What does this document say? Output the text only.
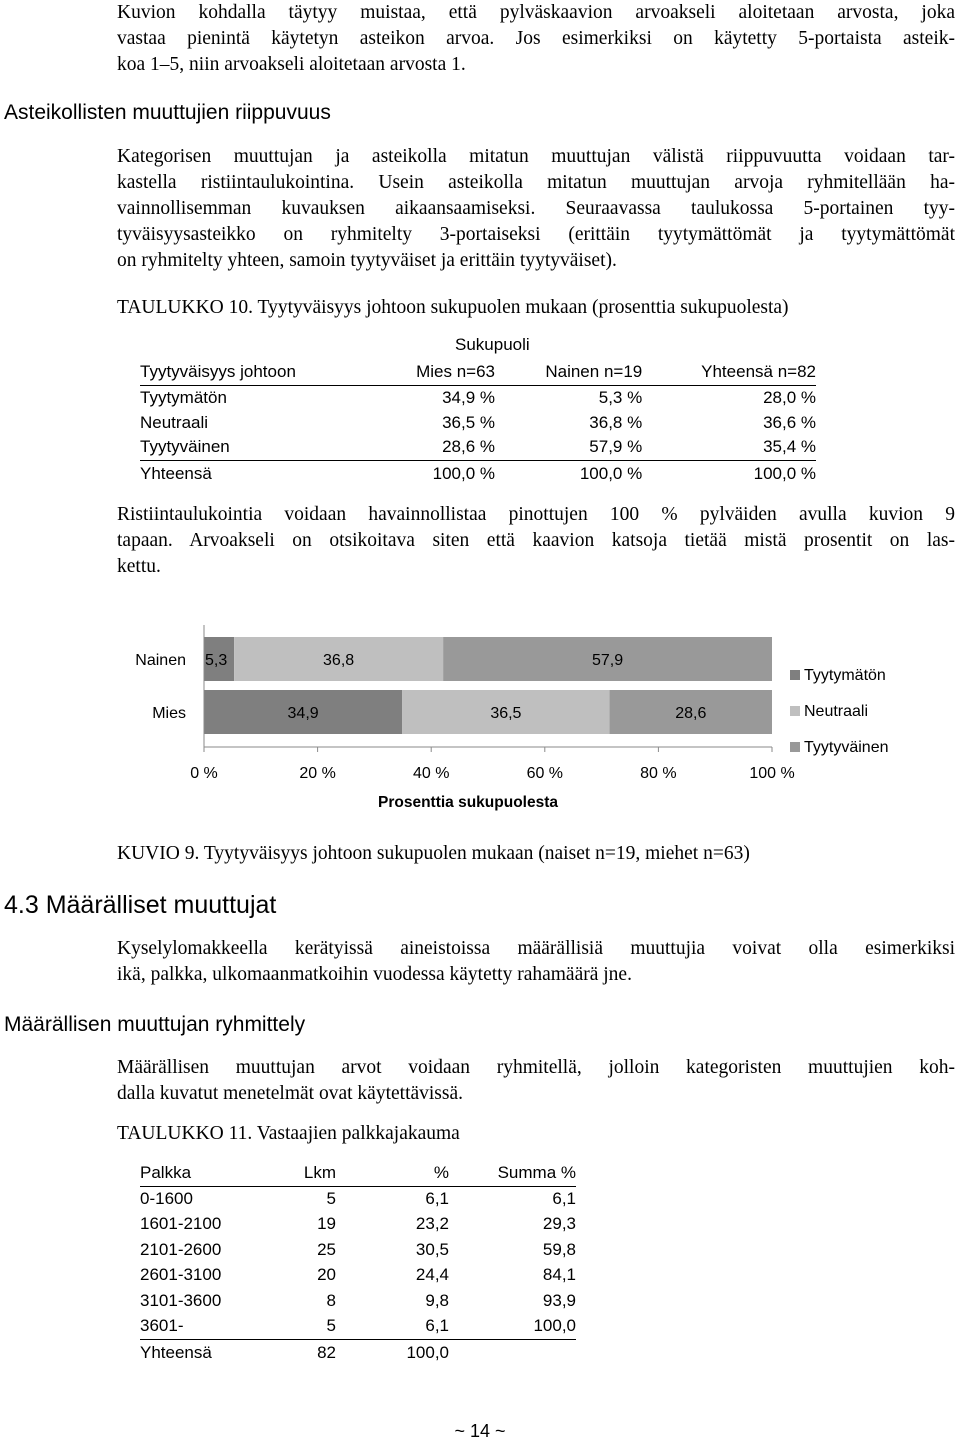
Kuvion kohdalla täytyy muistaa, että pylväskaavion arvoakseli aloitetaan arvosta, joka
vastaa pienintä käytetyn asteikon arvoa. Jos esimerkiksi on käytetty 5-portaista asteik-
koa 1–5, niin arvoakseli aloitetaan arvosta 1.

Asteikollisten muuttujien riippuvuus

Kategorisen muuttujan ja asteikolla mitatun muuttujan välistä riippuvuutta voidaan tar-
kastella ristiintaulukointina. Usein asteikolla mitatun muuttujan arvoja ryhmitellään ha-
vainnollisemman kuvauksen aikaansaamiseksi. Seuraavassa taulukossa 5-portainen tyy-
tyväisyysasteikko on ryhmitelty 3-portaiseksi (erittäin tyytymättömät ja tyytymättömät
on ryhmitelty yhteen, samoin tyytyväiset ja erittäin tyytyväiset).

TAULUKKO 10. Tyytyväisyys johtoon sukupuolen mukaan (prosenttia sukupuolesta)
Sukupuoli
Tyytyväisyys johtoon	Mies n=63	Nainen n=19	Yhteensä n=82
Tyytymätön	34,9 %	5,3 %	28,0 %
Neutraali	36,5 %	36,8 %	36,6 %
Tyytyväinen	28,6 %	57,9 %	35,4 %
Yhteensä	100,0 %	100,0 %	100,0 %

Ristiintaulukointia voidaan havainnollistaa pinottujen 100 % pylväiden avulla kuvion 9
tapaan. Arvoakseli on otsikoitava siten että kaavion katsoja tietää mistä prosentit on las-
kettu.

5,3	36,8	57,9
Nainen
34,9	36,5	28,6
Mies
0 %	20 %	40 %	60 %	80 %	100 %
Prosenttia sukupuolesta
Tyytymätön
Neutraali
Tyytyväinen
KUVIO 9. Tyytyväisyys johtoon sukupuolen mukaan (naiset n=19, miehet n=63)
4.3 Määrälliset muuttujat

Kyselylomakkeella kerätyissä aineistoissa määrällisiä muuttujia voivat olla esimerkiksi
ikä, palkka, ulkomaanmatkoihin vuodessa käytetty rahamäärä jne.

Määrällisen muuttujan ryhmittely

Määrällisen muuttujan arvot voidaan ryhmitellä, jolloin kategoristen muuttujien koh-
dalla kuvatut menetelmät ovat käytettävissä.

TAULUKKO 11. Vastaajien palkkajakauma
Palkka	Lkm	%	Summa %
0-1600	5	6,1	6,1
1601-2100	19	23,2	29,3
2101-2600	25	30,5	59,8
2601-3100	20	24,4	84,1
3101-3600	8	9,8	93,9
3601-	5	6,1	100,0
Yhteensä	82	100,0	
~ 14 ~
